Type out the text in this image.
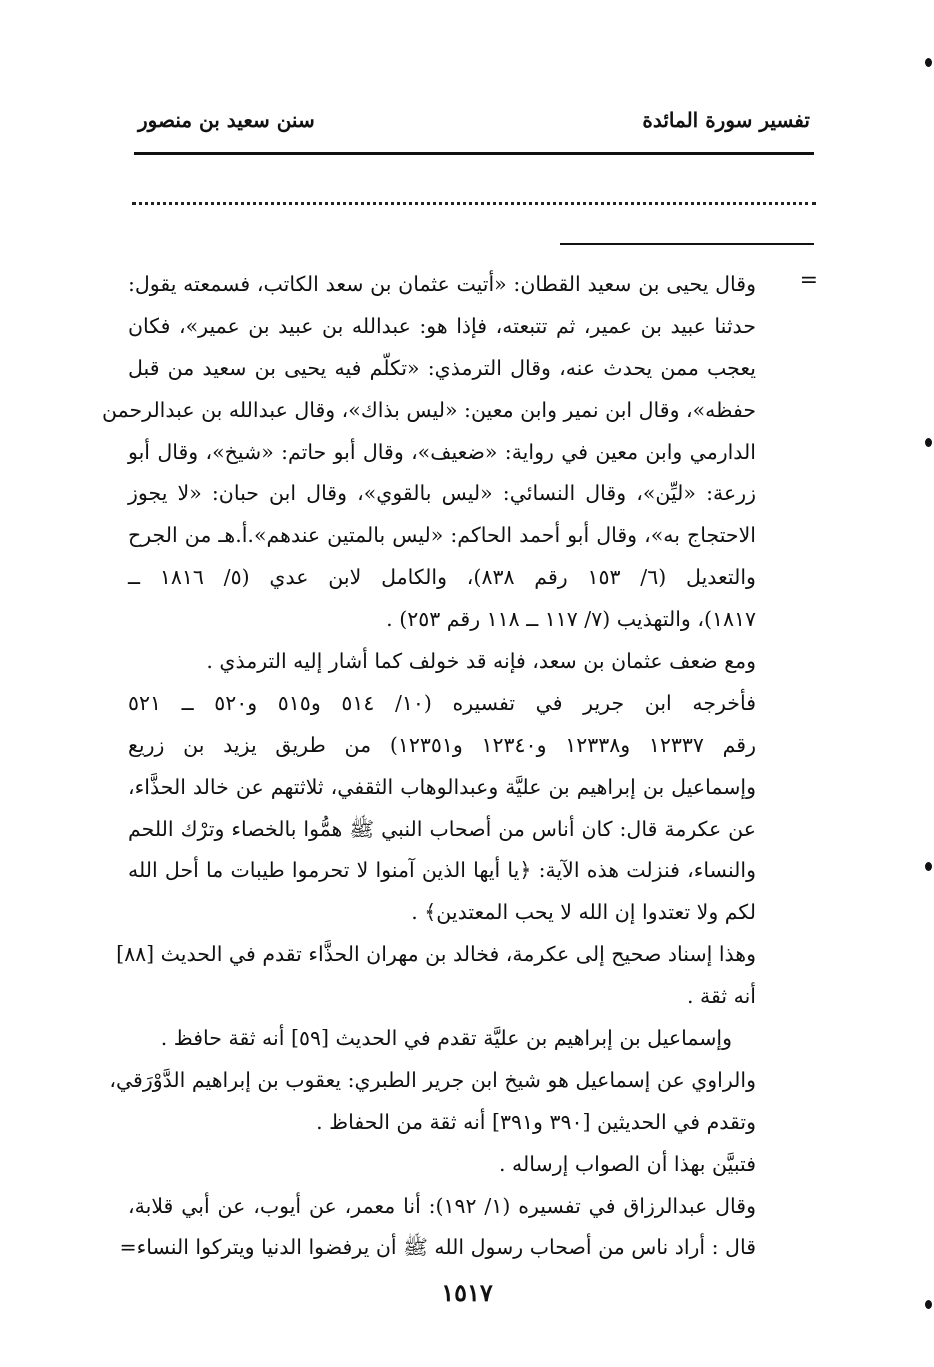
تفسير سورة المائدة
سنن سعيد بن منصور
=
وقال يحيى بن سعيد القطان: «أتيت عثمان بن سعد الكاتب، فسمعته يقول:
حدثنا عبيد بن عمير، ثم تتبعته، فإذا هو: عبدالله بن عبيد بن عمير»، فكان
يعجب ممن يحدث عنه، وقال الترمذي: «تكلّم فيه يحيى بن سعيد من قبل
حفظه»، وقال ابن نمير وابن معين: «ليس بذاك»، وقال عبدالله بن عبدالرحمن
الدارمي وابن معين في رواية: «ضعيف»، وقال أبو حاتم: «شيخ»، وقال أبو
زرعة: «ليِّن»، وقال النسائي: «ليس بالقوي»، وقال ابن حبان: «لا يجوز
الاحتجاج به»، وقال أبو أحمد الحاكم: «ليس بالمتين عندهم».أ.هـ من الجرح
والتعديل (٦/ ١٥٣ رقم ٨٣٨)، والكامل لابن عدي (٥/ ١٨١٦ ــ
١٨١٧)، والتهذيب (٧/ ١١٧ ــ ١١٨ رقم ٢٥٣) .
ومع ضعف عثمان بن سعد، فإنه قد خولف كما أشار إليه الترمذي .
فأخرجه ابن جرير في تفسيره (١٠/ ٥١٤ و٥١٥ و٥٢٠ ــ ٥٢١
رقم ١٢٣٣٧ و١٢٣٣٨ و١٢٣٤٠ و١٢٣٥١) من طريق يزيد بن زريع
وإسماعيل بن إبراهيم بن عليَّة وعبدالوهاب الثقفي، ثلاثتهم عن خالد الحذَّاء،
عن عكرمة قال: كان أناس من أصحاب النبي ﷺ همُّوا بالخصاء وترْك اللحم
والنساء، فنزلت هذه الآية: ﴿يا أيها الذين آمنوا لا تحرموا طيبات ما أحل الله
لكم ولا تعتدوا إن الله لا يحب المعتدين﴾ .
وهذا إسناد صحيح إلى عكرمة، فخالد بن مهران الحذَّاء تقدم في الحديث [٨٨]
أنه ثقة .
وإسماعيل بن إبراهيم بن عليَّة تقدم في الحديث [٥٩] أنه ثقة حافظ .
والراوي عن إسماعيل هو شيخ ابن جرير الطبري: يعقوب بن إبراهيم الدَّوْرَقي،
وتقدم في الحديثين [٣٩٠ و٣٩١] أنه ثقة من الحفاظ .
فتبيَّن بهذا أن الصواب إرساله .
وقال عبدالرزاق في تفسيره (١/ ١٩٢): أنا معمر، عن أيوب، عن أبي قلابة،
قال : أراد ناس من أصحاب رسول الله ﷺ أن يرفضوا الدنيا ويتركوا النساء=
١٥١٧
